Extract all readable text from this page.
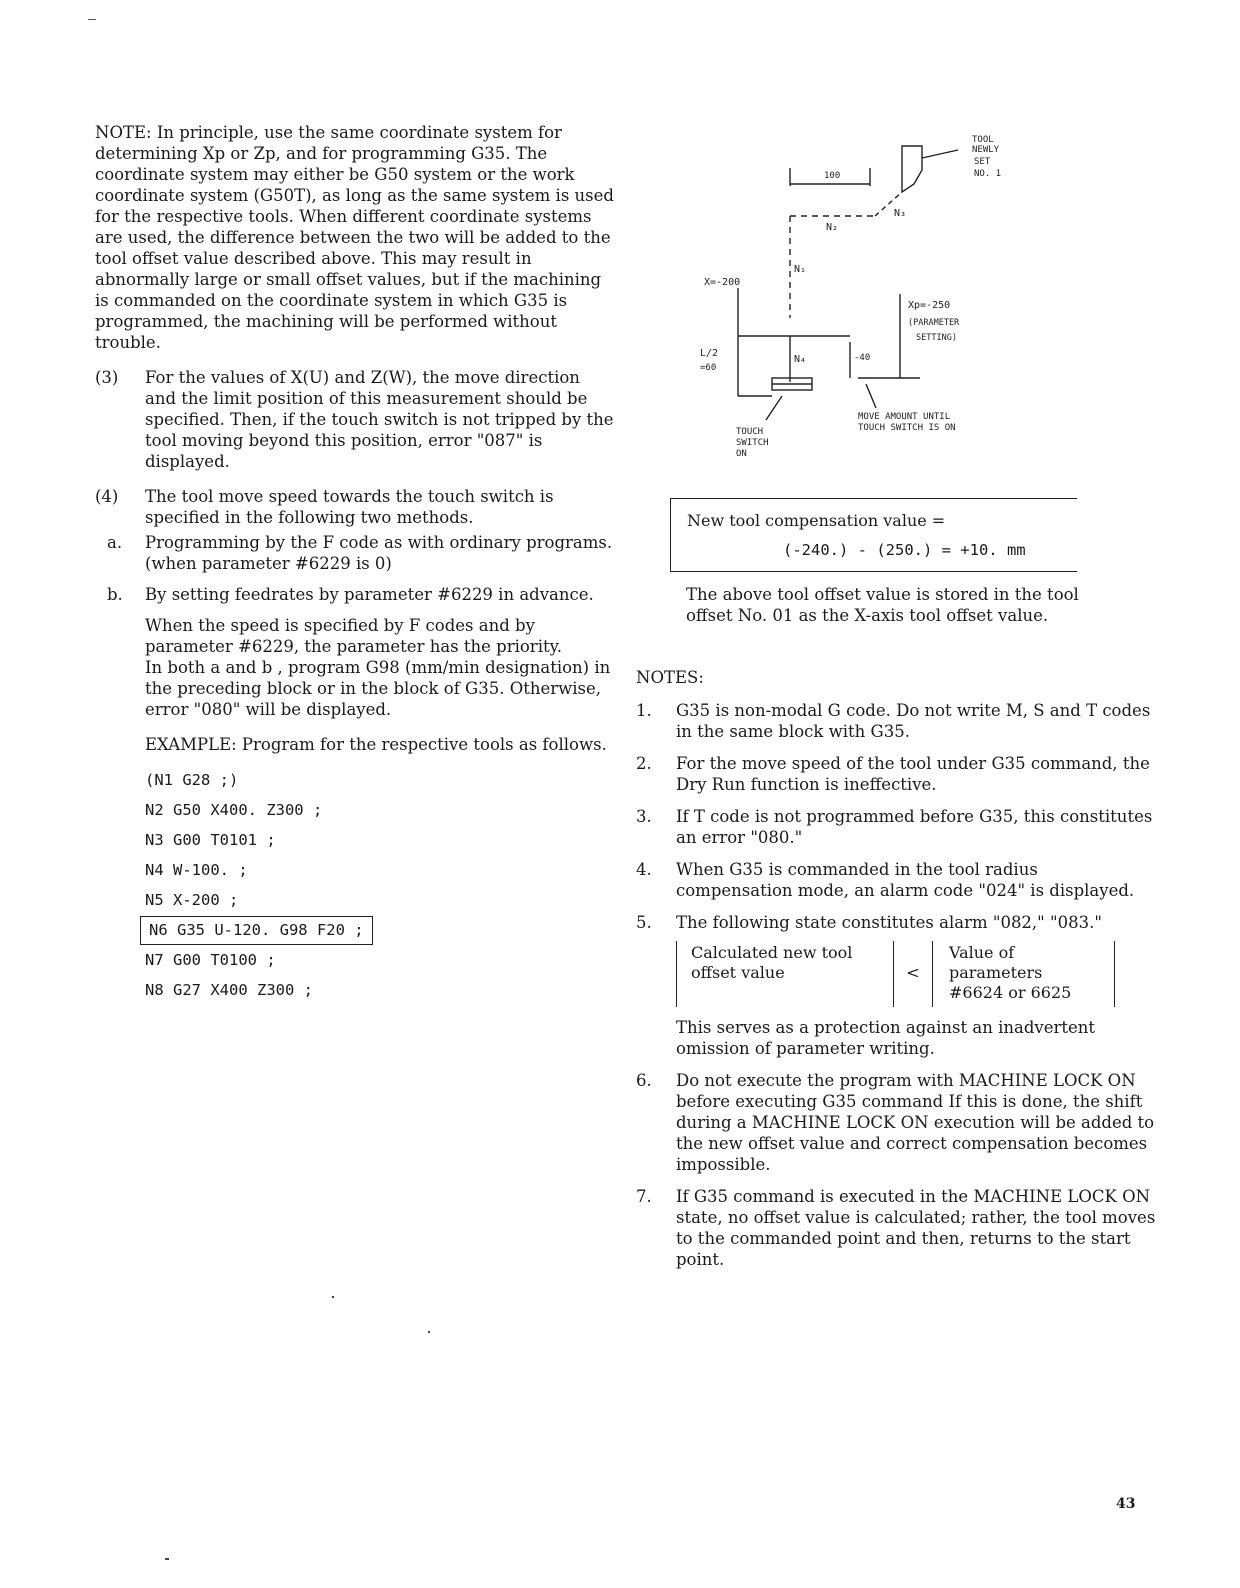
NOTE: In principle, use the same coordinate system for determining Xp or Zp, and for programming G35. The coordinate system may either be G50 system or the work coordinate system (G50T), as long as the same system is used for the respective tools. When different coordinate systems are used, the difference between the two will be added to the tool offset value described above. This may result in abnormally large or small offset values, but if the machining is commanded on the coordinate system in which G35 is programmed, the machining will be performed without trouble.

(3) For the values of X(U) and Z(W), the move direction and the limit position of this measurement should be specified. Then, if the touch switch is not tripped by the tool moving beyond this position, error "087" is displayed.

(4) The tool move speed towards the touch switch is specified in the following two methods.

a. Programming by the F code as with ordinary programs.

(when parameter #6229 is 0)

b. By setting feedrates by parameter #6229 in advance.

When the speed is specified by F codes and by parameter #6229, the parameter has the priority.

In both a and b , program G98 (mm/min designation) in the preceding block or in the block of G35. Otherwise, error "080" will be displayed.

EXAMPLE: Program for the respective tools as follows.

(N1 G28 ;)
N2 G50 X400. Z300 ;
N3 G00 T0101 ;
N4 W-100. ;
N5 X-200 ;
N6 G35 U-120. G98 F20 ;
N7 G00 T0100 ;
N8 G27 X400 Z300 ;
TOOL
NEWLY
SET
NO. 1
100
N₃
N₂
N₁
N₄
X=-200
Xp=-250
(PARAMETER
SETTING)
L/2
=60
-40
TOUCH
SWITCH
ON
MOVE AMOUNT UNTIL
TOUCH SWITCH IS ON
New tool compensation value =
(-240.) - (250.) = +10. mm

The above tool offset value is stored in the tool offset No. 01 as the X-axis tool offset value.

NOTES:
1. G35 is non-modal G code. Do not write M, S and T codes in the same block with G35.

2. For the move speed of the tool under G35 command, the Dry Run function is ineffective.

3. If T code is not programmed before G35, this constitutes an error "080."

4. When G35 is commanded in the tool radius compensation mode, an alarm code "024" is displayed.

5. The following state constitutes alarm "082," "083."

Calculated new tool offset value	<
Value of parameters
#6624 or 6625

This serves as a protection against an inadvertent omission of parameter writing.

6. Do not execute the program with MACHINE LOCK ON before executing G35 command If this is done, the shift during a MACHINE LOCK ON execution will be added to the new offset value and correct compensation becomes impossible.

7. If G35 command is executed in the MACHINE LOCK ON state, no offset value is calculated; rather, the tool moves to the commanded point and then, returns to the start point.

43
